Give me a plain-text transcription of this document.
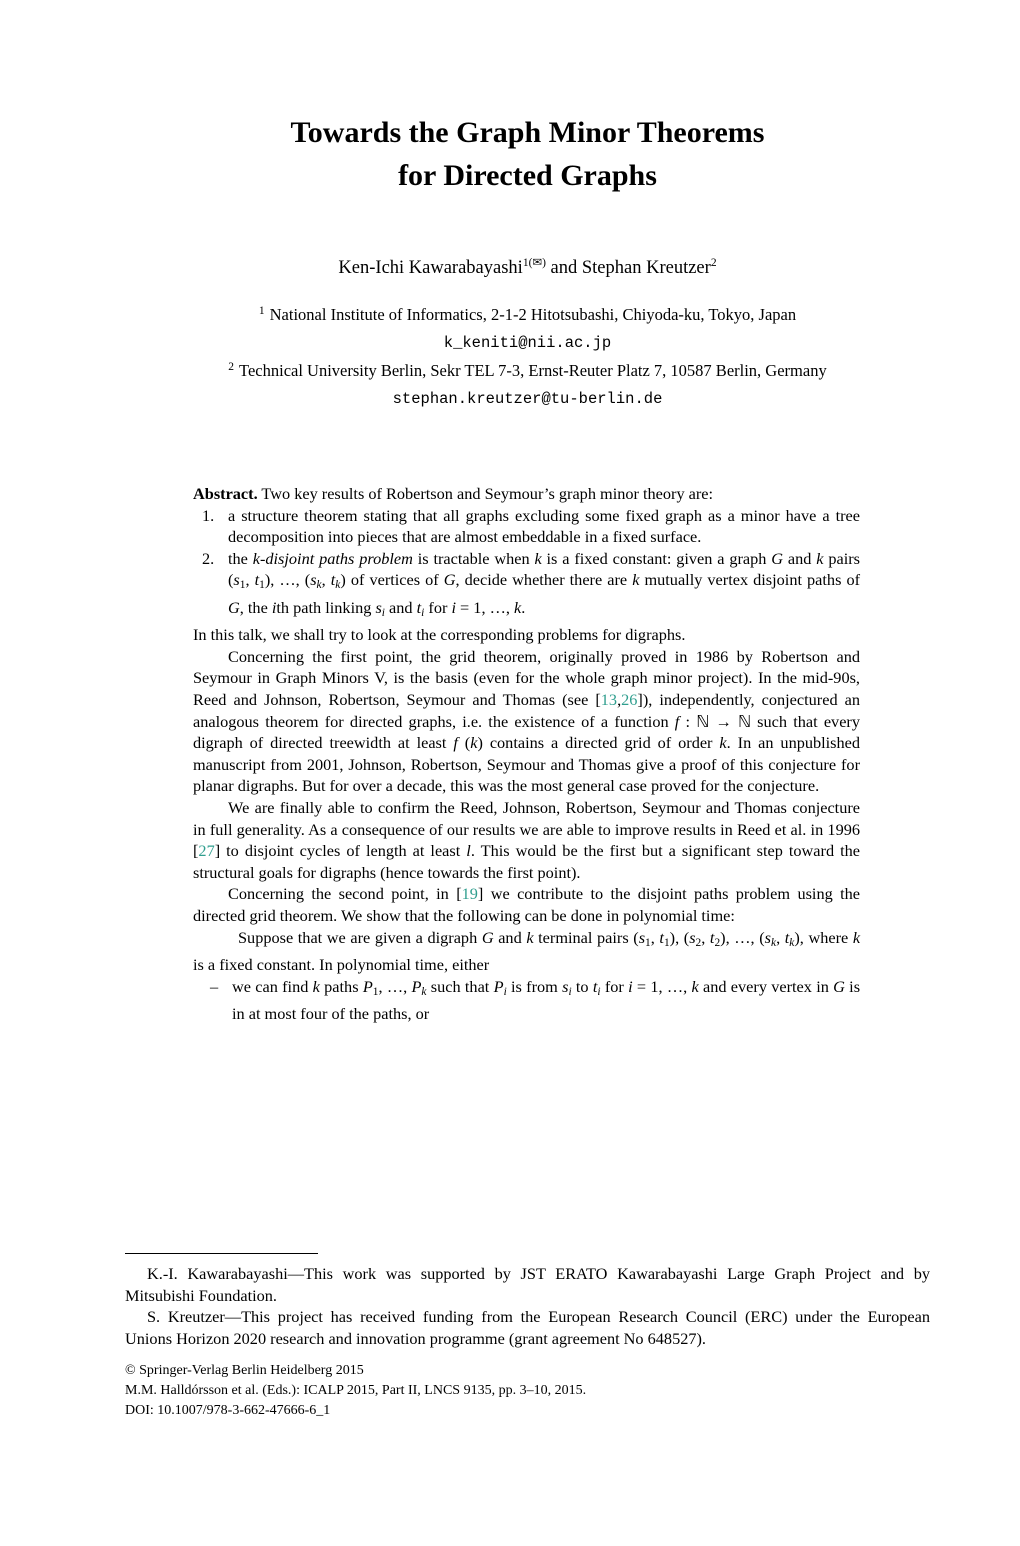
Towards the Graph Minor Theorems
for Directed Graphs
Ken-Ichi Kawarabayashi$^{1(✉)}$ and Stephan Kreutzer$^2$
$^1$ National Institute of Informatics, 2-1-2 Hitotsubashi, Chiyoda-ku, Tokyo, Japan
k_keniti@nii.ac.jp
$^2$ Technical University Berlin, Sekr TEL 7-3, Ernst-Reuter Platz 7, 10587 Berlin, Germany
stephan.kreutzer@tu-berlin.de

Abstract. Two key results of Robertson and Seymour’s graph minor theory are:

1. a structure theorem stating that all graphs excluding some fixed graph as a minor have a tree decomposition into pieces that are almost embeddable in a fixed surface.
2. the k-disjoint paths problem is tractable when k is a fixed constant: given a graph G and k pairs (s1, t1), …, (sk, tk) of vertices of G, decide whether there are k mutually vertex disjoint paths of G, the ith path linking si and ti for i = 1, …, k.

In this talk, we shall try to look at the corresponding problems for digraphs.

Concerning the first point, the grid theorem, originally proved in 1986 by Robertson and Seymour in Graph Minors V, is the basis (even for the whole graph minor project). In the mid-90s, Reed and Johnson, Robertson, Seymour and Thomas (see [13,26]), independently, conjectured an analogous theorem for directed graphs, i.e. the existence of a function f : ℕ → ℕ such that every digraph of directed treewidth at least f (k) contains a directed grid of order k. In an unpublished manuscript from 2001, Johnson, Robertson, Seymour and Thomas give a proof of this conjecture for planar digraphs. But for over a decade, this was the most general case proved for the conjecture.

We are finally able to confirm the Reed, Johnson, Robertson, Seymour and Thomas conjecture in full generality. As a consequence of our results we are able to improve results in Reed et al. in 1996 [27] to disjoint cycles of length at least l. This would be the first but a significant step toward the structural goals for digraphs (hence towards the first point).

Concerning the second point, in [19] we contribute to the disjoint paths problem using the directed grid theorem. We show that the following can be done in polynomial time:

Suppose that we are given a digraph G and k terminal pairs (s1, t1), (s2, t2), …, (sk, tk), where k is a fixed constant. In polynomial time, either

– we can find k paths P1, …, Pk such that Pi is from si to ti for i = 1, …, k and every vertex in G is in at most four of the paths, or

K.-I. Kawarabayashi—This work was supported by JST ERATO Kawarabayashi Large Graph Project and by Mitsubishi Foundation.

S. Kreutzer—This project has received funding from the European Research Council (ERC) under the European Unions Horizon 2020 research and innovation programme (grant agreement No 648527).

© Springer-Verlag Berlin Heidelberg 2015
M.M. Halldórsson et al. (Eds.): ICALP 2015, Part II, LNCS 9135, pp. 3–10, 2015.
DOI: 10.1007/978-3-662-47666-6_1
